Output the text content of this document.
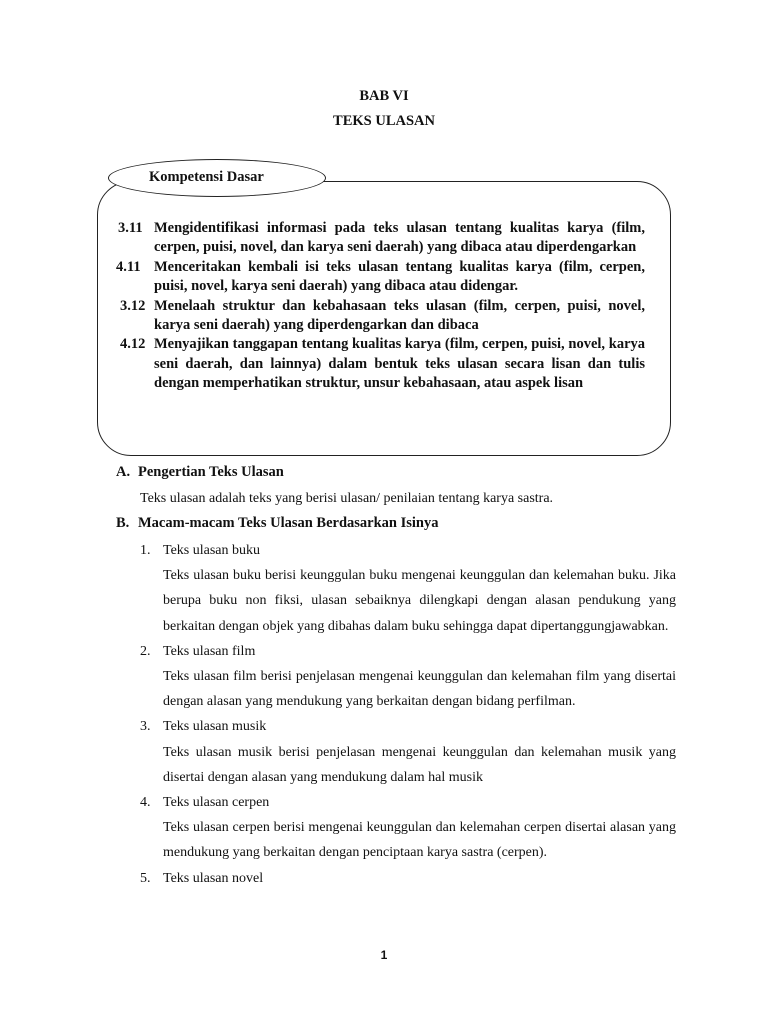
BAB VI
TEKS ULASAN
Kompetensi Dasar
3.11 Mengidentifikasi informasi pada teks ulasan tentang kualitas karya (film, cerpen, puisi, novel, dan karya seni daerah) yang dibaca atau diperdengarkan
4.11 Menceritakan kembali isi teks ulasan tentang kualitas karya (film, cerpen, puisi, novel, karya seni daerah) yang dibaca atau didengar.
3.12 Menelaah struktur dan kebahasaan teks ulasan (film, cerpen, puisi, novel, karya seni daerah) yang diperdengarkan dan dibaca
4.12 Menyajikan tanggapan tentang kualitas karya (film, cerpen, puisi, novel, karya seni daerah, dan lainnya) dalam bentuk teks ulasan secara lisan dan tulis dengan memperhatikan struktur, unsur kebahasaan, atau aspek lisan
A. Pengertian Teks Ulasan
Teks ulasan adalah teks yang berisi ulasan/ penilaian tentang karya sastra.
B. Macam-macam Teks Ulasan Berdasarkan Isinya
1. Teks ulasan buku
Teks ulasan buku berisi keunggulan buku mengenai keunggulan dan kelemahan buku. Jika berupa buku non fiksi, ulasan sebaiknya dilengkapi dengan alasan pendukung yang berkaitan dengan objek yang dibahas dalam buku sehingga dapat dipertanggungjawabkan.
2. Teks ulasan film
Teks ulasan film berisi penjelasan mengenai keunggulan dan kelemahan film yang disertai dengan alasan yang mendukung yang berkaitan dengan bidang perfilman.
3. Teks ulasan musik
Teks ulasan musik berisi penjelasan mengenai keunggulan dan kelemahan musik yang disertai dengan alasan yang mendukung dalam hal musik
4. Teks ulasan cerpen
Teks ulasan cerpen berisi mengenai keunggulan dan kelemahan cerpen disertai alasan yang mendukung yang berkaitan dengan penciptaan karya sastra (cerpen).
5. Teks ulasan novel
1
